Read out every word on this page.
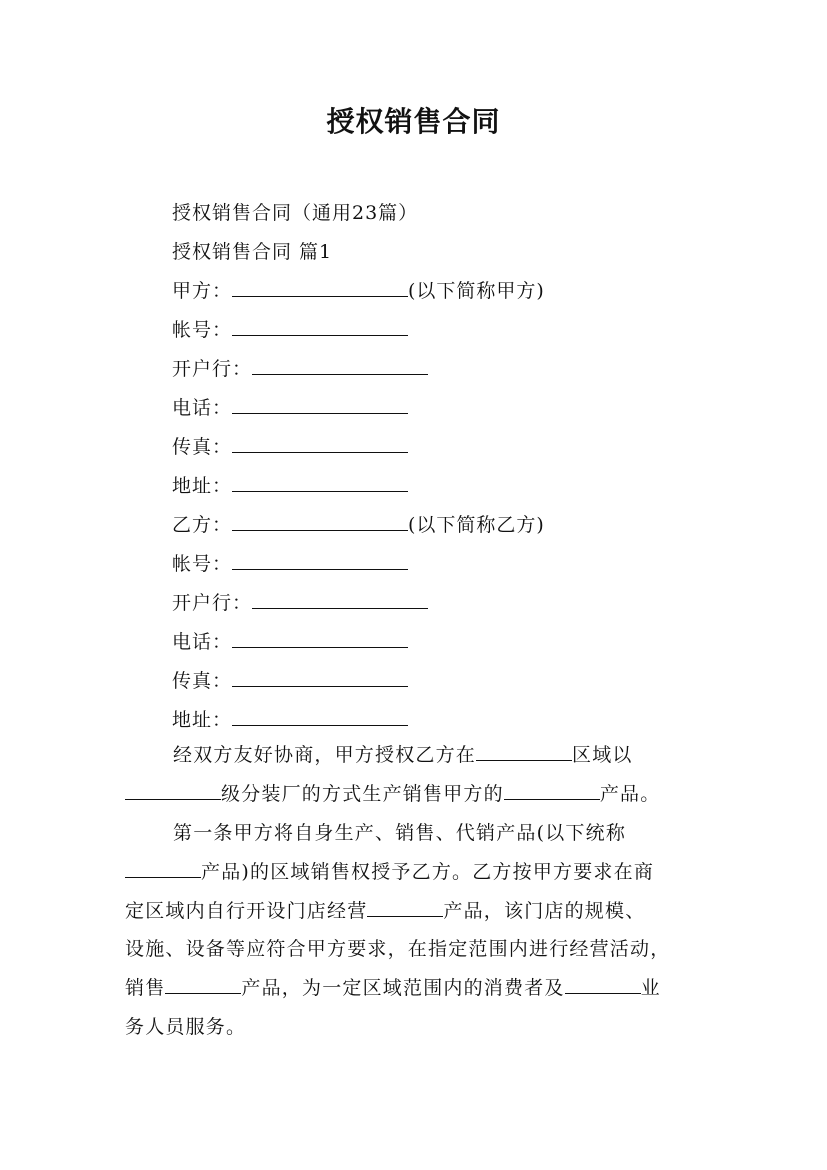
授权销售合同
授权销售合同（通用23篇）
授权销售合同 篇1
甲方：	(以下简称甲方)
帐号：
开户行：
电话：
传真：
地址：
乙方：	(以下简称乙方)
帐号：
开户行：
电话：
传真：
地址：
经双方友好协商，甲方授权乙方在	区域以
级分装厂的方式生产销售甲方的	产品。
第一条甲方将自身生产、销售、代销产品(以下统称
产品)的区域销售权授予乙方。乙方按甲方要求在商
定区域内自行开设门店经营	产品，该门店的规模、
设施、设备等应符合甲方要求，在指定范围内进行经营活动，
销售	产品，为一定区域范围内的消费者及	业
务人员服务。
